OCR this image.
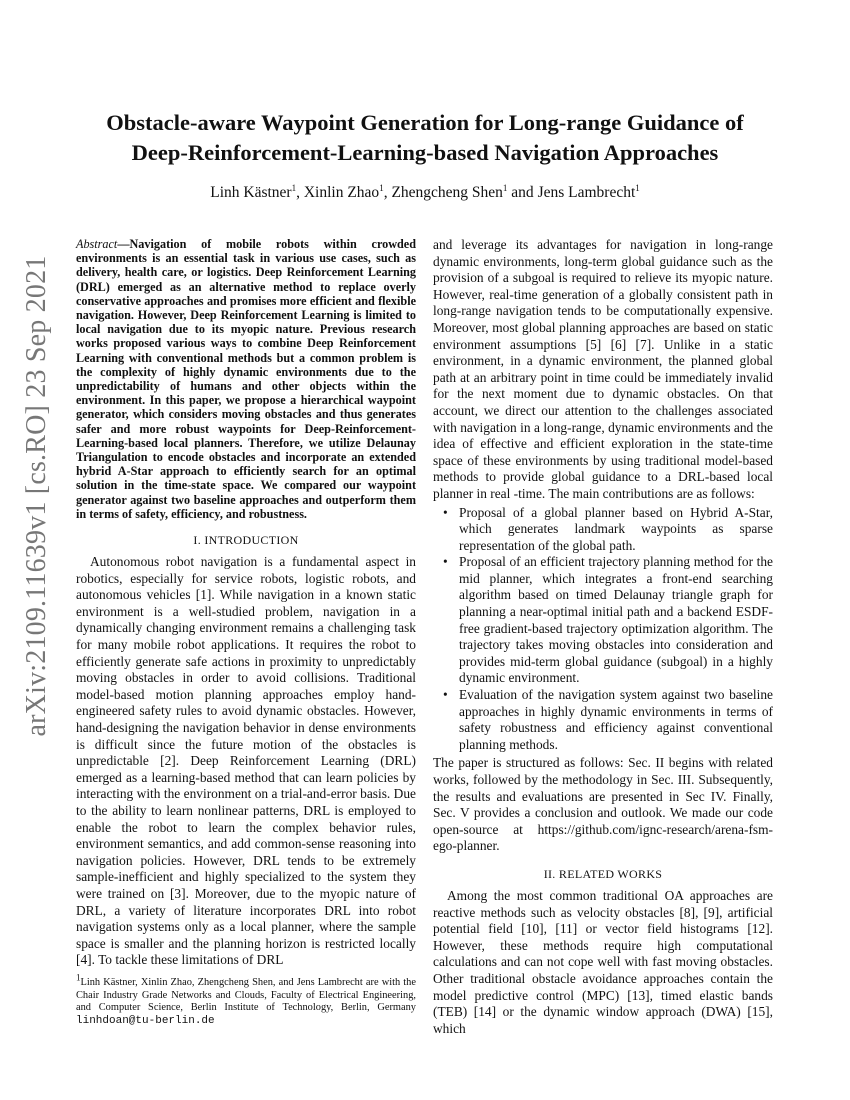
Obstacle-aware Waypoint Generation for Long-range Guidance of
Deep-Reinforcement-Learning-based Navigation Approaches
Linh Kästner$^1$, Xinlin Zhao$^1$, Zhengcheng Shen$^1$ and Jens Lambrecht$^1$
arXiv:2109.11639v1 [cs.RO] 23 Sep 2021

Abstract—Navigation of mobile robots within crowded environments is an essential task in various use cases, such as delivery, health care, or logistics. Deep Reinforcement Learning (DRL) emerged as an alternative method to replace overly conservative approaches and promises more efficient and flexible navigation. However, Deep Reinforcement Learning is limited to local navigation due to its myopic nature. Previous research works proposed various ways to combine Deep Reinforcement Learning with conventional methods but a common problem is the complexity of highly dynamic environments due to the unpredictability of humans and other objects within the environment. In this paper, we propose a hierarchical waypoint generator, which considers moving obstacles and thus generates safer and more robust waypoints for Deep-Reinforcement-Learning-based local planners. Therefore, we utilize Delaunay Triangulation to encode obstacles and incorporate an extended hybrid A-Star approach to efficiently search for an optimal solution in the time-state space. We compared our waypoint generator against two baseline approaches and outperform them in terms of safety, efficiency, and robustness.

I. INTRODUCTION

Autonomous robot navigation is a fundamental aspect in robotics, especially for service robots, logistic robots, and autonomous vehicles [1]. While navigation in a known static environment is a well-studied problem, navigation in a dynamically changing environment remains a challenging task for many mobile robot applications. It requires the robot to efficiently generate safe actions in proximity to unpredictably moving obstacles in order to avoid collisions. Traditional model-based motion planning approaches employ hand-engineered safety rules to avoid dynamic obstacles. However, hand-designing the navigation behavior in dense environments is difficult since the future motion of the obstacles is unpredictable [2]. Deep Reinforcement Learning (DRL) emerged as a learning-based method that can learn policies by interacting with the environment on a trial-and-error basis. Due to the ability to learn nonlinear patterns, DRL is employed to enable the robot to learn the complex behavior rules, environment semantics, and add common-sense reasoning into navigation policies. However, DRL tends to be extremely sample-inefficient and highly specialized to the system they were trained on [3]. Moreover, due to the myopic nature of DRL, a variety of literature incorporates DRL into robot navigation systems only as a local planner, where the sample space is smaller and the planning horizon is restricted locally [4]. To tackle these limitations of DRL

$^1$Linh Kästner, Xinlin Zhao, Zhengcheng Shen, and Jens Lambrecht are with the Chair Industry Grade Networks and Clouds, Faculty of Electrical Engineering, and Computer Science, Berlin Institute of Technology, Berlin, Germany linhdoan@tu-berlin.de

and leverage its advantages for navigation in long-range dynamic environments, long-term global guidance such as the provision of a subgoal is required to relieve its myopic nature. However, real-time generation of a globally consistent path in long-range navigation tends to be computationally expensive. Moreover, most global planning approaches are based on static environment assumptions [5] [6] [7]. Unlike in a static environment, in a dynamic environment, the planned global path at an arbitrary point in time could be immediately invalid for the next moment due to dynamic obstacles. On that account, we direct our attention to the challenges associated with navigation in a long-range, dynamic environments and the idea of effective and efficient exploration in the state-time space of these environments by using traditional model-based methods to provide global guidance to a DRL-based local planner in real -time. The main contributions are as follows:

• Proposal of a global planner based on Hybrid A-Star, which generates landmark waypoints as sparse representation of the global path.
• Proposal of an efficient trajectory planning method for the mid planner, which integrates a front-end searching algorithm based on timed Delaunay triangle graph for planning a near-optimal initial path and a backend ESDF-free gradient-based trajectory optimization algorithm. The trajectory takes moving obstacles into consideration and provides mid-term global guidance (subgoal) in a highly dynamic environment.
• Evaluation of the navigation system against two baseline approaches in highly dynamic environments in terms of safety robustness and efficiency against conventional planning methods.

The paper is structured as follows: Sec. II begins with related works, followed by the methodology in Sec. III. Subsequently, the results and evaluations are presented in Sec IV. Finally, Sec. V provides a conclusion and outlook. We made our code open-source at https://github.com/ignc-research/arena-fsm-ego-planner.

II. RELATED WORKS

Among the most common traditional OA approaches are reactive methods such as velocity obstacles [8], [9], artificial potential field [10], [11] or vector field histograms [12]. However, these methods require high computational calculations and can not cope well with fast moving obstacles. Other traditional obstacle avoidance approaches contain the model predictive control (MPC) [13], timed elastic bands (TEB) [14] or the dynamic window approach (DWA) [15], which
